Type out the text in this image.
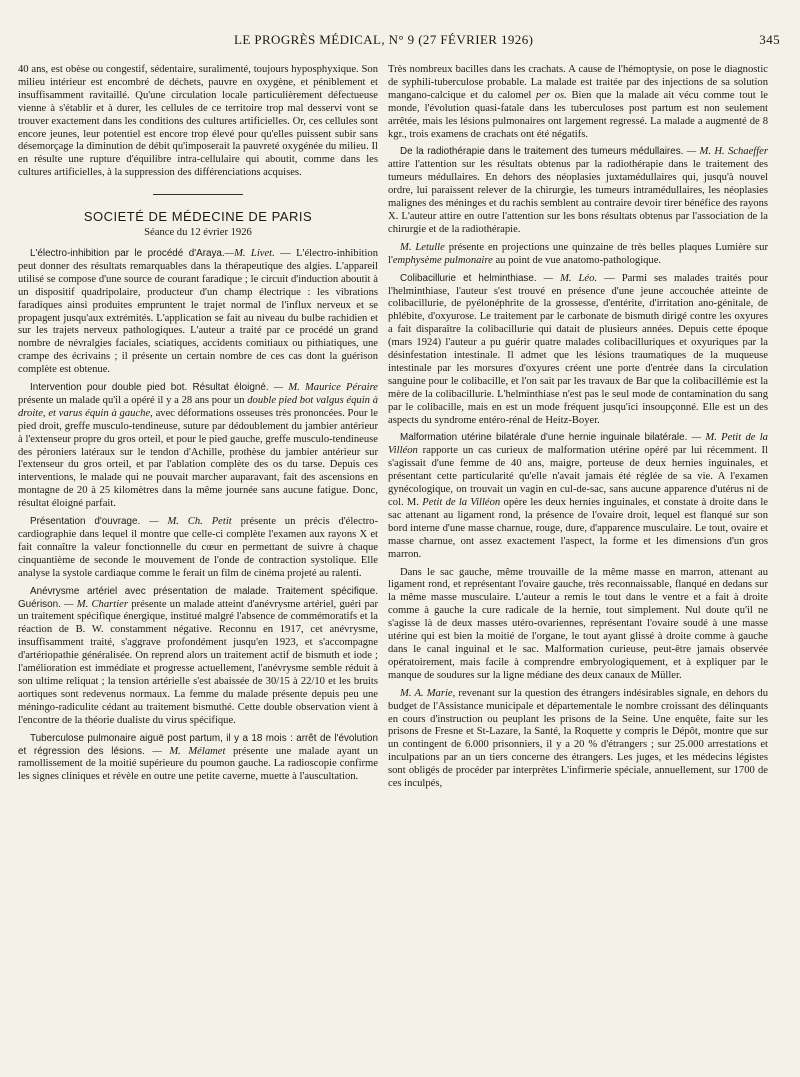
LE PROGRÈS MÉDICAL, N° 9 (27 FÉVRIER 1926)	345

40 ans, est obèse ou congestif, sédentaire, suralimenté, toujours hyposphyxique. Son milieu intérieur est encombré de déchets, pauvre en oxygène, et péniblement et insuffisamment ravitaillé. Qu'une circulation locale particulièrement défectueuse vienne à s'établir et à durer, les cellules de ce territoire trop mal desservi vont se trouver exactement dans les conditions des cultures artificielles. Or, ces cellules sont encore jeunes, leur potentiel est encore trop élevé pour qu'elles puissent subir sans désemorçage la diminution de débit qu'imposerait la pauvreté oxygénée du milieu. Il en résulte une rupture d'équilibre intra-cellulaire qui aboutit, comme dans les cultures artificielles, à la suppression des différenciations acquises.

SOCIETÉ DE MÉDECINE DE PARIS
Séance du 12 évrier 1926

L'électro-inhibition par le procédé d'Araya.—M. Livet. — L'électro-inhibition peut donner des résultats remarquables dans la thérapeutique des algies. L'appareil utilisé se compose d'une source de courant faradique ; le circuit d'induction aboutit à un dispositif quadripolaire, producteur d'un champ électrique : les vibrations faradiques ainsi produites empruntent le trajet normal de l'influx nerveux et se propagent jusqu'aux extrémités. L'application se fait au niveau du bulbe rachidien et sur les trajets nerveux pathologiques. L'auteur a traité par ce procédé un grand nombre de névralgies faciales, sciatiques, accidents comitiaux ou pithiatiques, une crampe des écrivains ; il présente un certain nombre de ces cas dont la guérison complète est obtenue.

Intervention pour double pied bot. Résultat éloigné. — M. Maurice Péraire présente un malade qu'il a opéré il y a 28 ans pour un double pied bot valgus équin à droite, et varus équin à gauche, avec déformations osseuses très prononcées. Pour le pied droit, greffe musculo-tendineuse, suture par dédoublement du jambier antérieur à l'extenseur propre du gros orteil, et pour le pied gauche, greffe musculo-tendineuse des péroniers latéraux sur le tendon d'Achille, prothèse du jambier antérieur sur l'extenseur du gros orteil, et par l'ablation complète des os du tarse. Depuis ces interventions, le malade qui ne pouvait marcher auparavant, fait des ascensions en montagne de 20 à 25 kilomètres dans la même journée sans aucune fatigue. Donc, résultat éloigné parfait.

Présentation d'ouvrage. — M. Ch. Petit présente un précis d'électro-cardiographie dans lequel il montre que celle-ci complète l'examen aux rayons X et fait connaître la valeur fonctionnelle du cœur en permettant de suivre à chaque cinquantième de seconde le mouvement de l'onde de contraction systolique. Elle analyse la systole cardiaque comme le ferait un film de cinéma projeté au ralenti.

Anévrysme artériel avec présentation de malade. Traitement spécifique. Guérison. — M. Chartier présente un malade atteint d'anévrysme artériel, guéri par un traitement spécifique énergique, institué malgré l'absence de commémoratifs et la réaction de B. W. constamment négative. Reconnu en 1917, cet anévrysme, insuffisamment traité, s'aggrave profondément jusqu'en 1923, et s'accompagne d'artériopathie généralisée. On reprend alors un traitement actif de bismuth et iode ; l'amélioration est immédiate et progresse actuellement, l'anévrysme semble réduit à son ultime reliquat ; la tension artérielle s'est abaissée de 30/15 à 22/10 et les bruits aortiques sont redevenus normaux. La femme du malade présente depuis peu une méningo-radiculite cédant au traitement bismuthé. Cette double observation vient à l'encontre de la théorie dualiste du virus spécifique.

Tuberculose pulmonaire aiguë post partum, il y a 18 mois : arrêt de l'évolution et régression des lésions. — M. Mélamet présente une malade ayant un ramollissement de la moitié supérieure du poumon gauche. La radioscopie confirme les signes cliniques et révèle en outre une petite caverne, muette à l'auscultation.

Très nombreux bacilles dans les crachats. A cause de l'hémoptysie, on pose le diagnostic de syphili-tuberculose probable. La malade est traitée par des injections de sa solution mangano-calcique et du calomel per os. Bien que la malade ait vécu comme tout le monde, l'évolution quasi-fatale dans les tuberculoses post partum est non seulement arrêtée, mais les lésions pulmonaires ont largement regressé. La malade a augmenté de 8 kgr., trois examens de crachats ont été négatifs.

De la radiothérapie dans le traitement des tumeurs médullaires. — M. H. Schaeffer attire l'attention sur les résultats obtenus par la radiothérapie dans le traitement des tumeurs médullaires. En dehors des néoplasies juxtamédullaires qui, jusqu'à nouvel ordre, lui paraissent relever de la chirurgie, les tumeurs intramédullaires, les néoplasies malignes des méninges et du rachis semblent au contraire devoir tirer bénéfice des rayons X. L'auteur attire en outre l'attention sur les bons résultats obtenus par l'association de la chirurgie et de la radiothérapie.

M. Letulle présente en projections une quinzaine de très belles plaques Lumière sur l'emphysème pulmonaire au point de vue anatomo-pathologique.

Colibacillurie et helminthiase. — M. Léo. — Parmi ses malades traités pour l'helminthiase, l'auteur s'est trouvé en présence d'une jeune accouchée atteinte de colibacillurie, de pyélonéphrite de la grossesse, d'entérite, d'irritation ano-génitale, de phlébite, d'oxyurose. Le traitement par le carbonate de bismuth dirigé contre les oxyures a fait disparaître la colibacillurie qui datait de plusieurs années. Depuis cette époque (mars 1924) l'auteur a pu guérir quatre malades colibacilluriques et oxyuriques par la désinfestation intestinale. Il admet que les lésions traumatiques de la muqueuse intestinale par les morsures d'oxyures créent une porte d'entrée dans la circulation sanguine pour le colibacille, et l'on sait par les travaux de Bar que la colibacillémie est la mère de la colibacillurie. L'helminthiase n'est pas le seul mode de contamination du sang par le colibacille, mais en est un mode fréquent jusqu'ici insoupçonné. Elle est un des aspects du syndrome entéro-rénal de Heitz-Boyer.

Malformation utérine bilatérale d'une hernie inguinale bilatérale. — M. Petit de la Villéon rapporte un cas curieux de malformation utérine opéré par lui récemment. Il s'agissait d'une femme de 40 ans, maigre, porteuse de deux hernies inguinales, et présentant cette particularité qu'elle n'avait jamais été réglée de sa vie. A l'examen gynécologique, on trouvait un vagin en cul-de-sac, sans aucune apparence d'utérus ni de col. M. Petit de la Villéon opère les deux hernies inguinales, et constate à droite dans le sac attenant au ligament rond, la présence de l'ovaire droit, lequel est flanqué sur son bord interne d'une masse charnue, rouge, dure, d'apparence musculaire. Le tout, ovaire et masse charnue, ont assez exactement l'aspect, la forme et les dimensions d'un gros marron.

Dans le sac gauche, même trouvaille de la même masse en marron, attenant au ligament rond, et représentant l'ovaire gauche, très reconnaissable, flanqué en dedans sur la même masse musculaire. L'auteur a remis le tout dans le ventre et a fait à droite comme à gauche la cure radicale de la hernie, tout simplement. Nul doute qu'il ne s'agisse là de deux masses utéro-ovariennes, représentant l'ovaire soudé à une masse utérine qui est bien la moitié de l'organe, le tout ayant glissé à droite comme à gauche dans le canal inguinal et le sac. Malformation curieuse, peut-être jamais observée opératoirement, mais facile à comprendre embryologiquement, et à expliquer par le manque de soudures sur la ligne médiane des deux canaux de Müller.

M. A. Marie, revenant sur la question des étrangers indésirables signale, en dehors du budget de l'Assistance municipale et départementale le nombre croissant des délinquants en cours d'instruction ou peuplant les prisons de la Seine. Une enquête, faite sur les prisons de Fresne et St-Lazare, la Santé, la Roquette y compris le Dépôt, montre que sur un contingent de 6.000 prisonniers, il y a 20 % d'étrangers ; sur 25.000 arrestations et inculpations par an un tiers concerne des étrangers. Les juges, et les médecins légistes sont obligés de procéder par interprètes L'infirmerie spéciale, annuellement, sur 1700 de ces inculpés,
